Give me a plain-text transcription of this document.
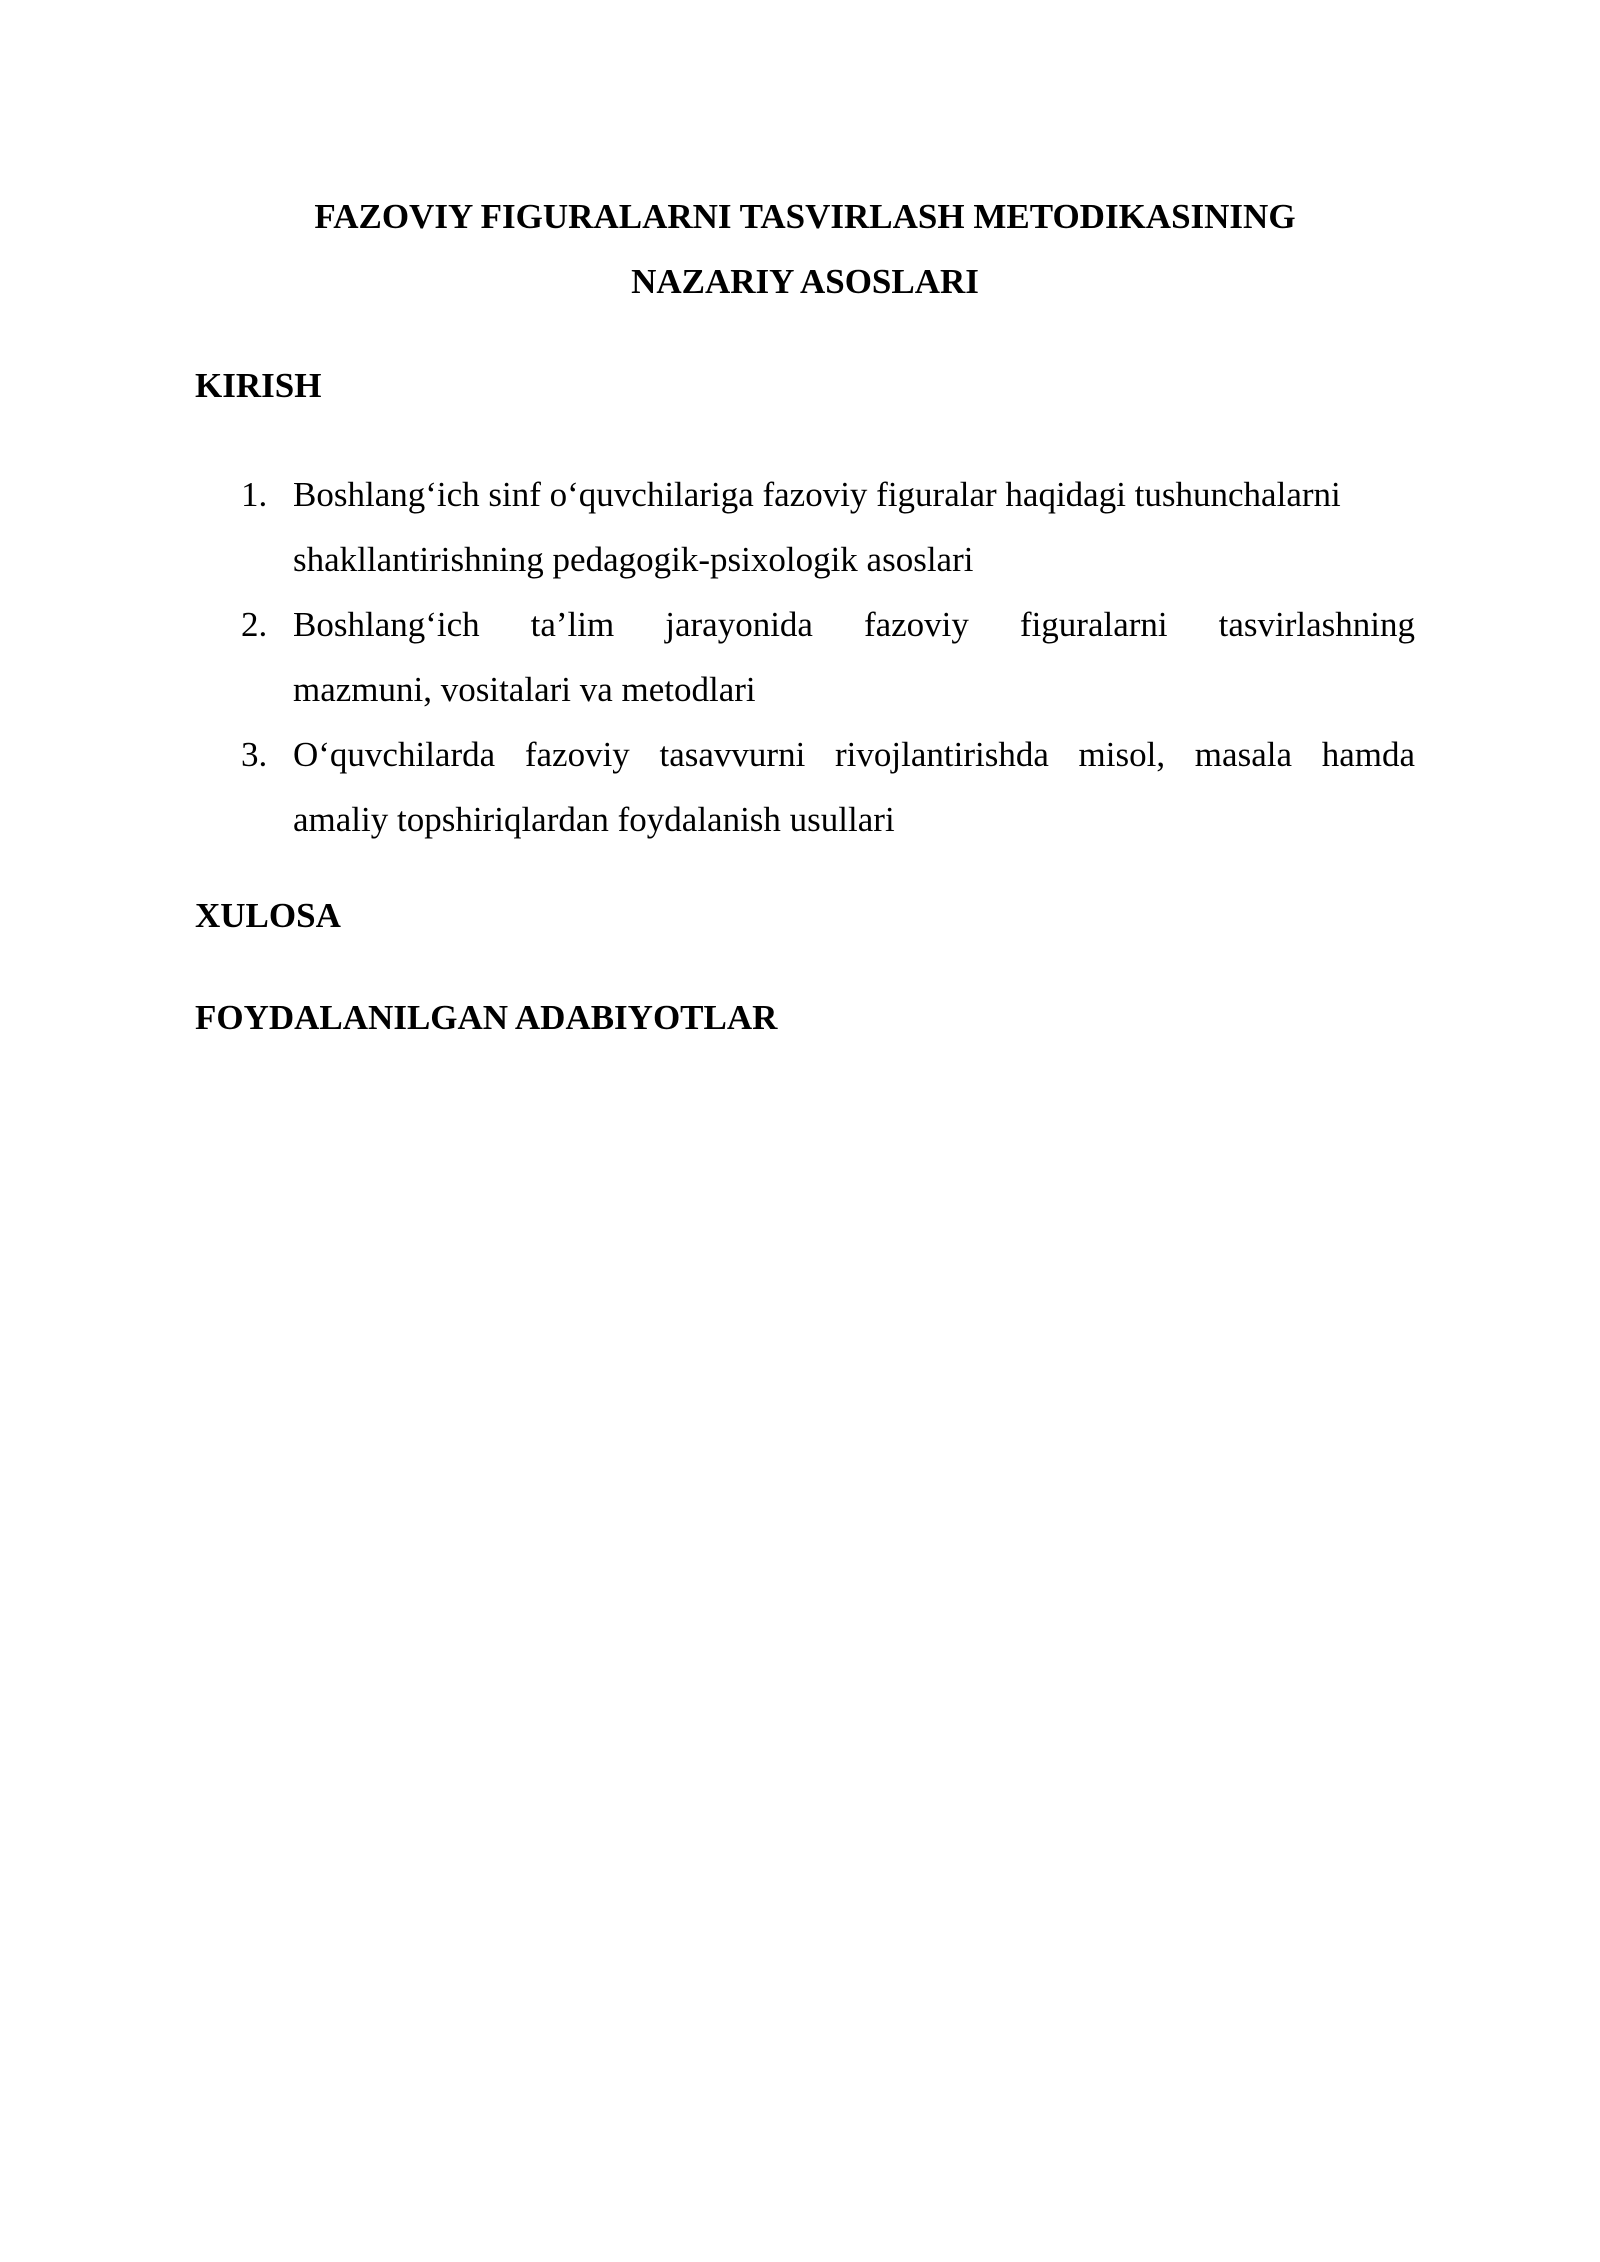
FAZOVIY FIGURALARNI TASVIRLASH METODIKASINING
NAZARIY ASOSLARI
KIRISH
1. Boshlang‘ich sinf o‘quvchilariga fazoviy figuralar haqidagi tushunchalarni
shakllantirishning pedagogik-psixologik asoslari
2. Boshlang‘ich ta’lim jarayonida fazoviy figuralarni tasvirlashning
mazmuni, vositalari va metodlari
3. O‘quvchilarda fazoviy tasavvurni rivojlantirishda misol, masala hamda
amaliy topshiriqlardan foydalanish usullari
XULOSA
FOYDALANILGAN ADABIYOTLAR
